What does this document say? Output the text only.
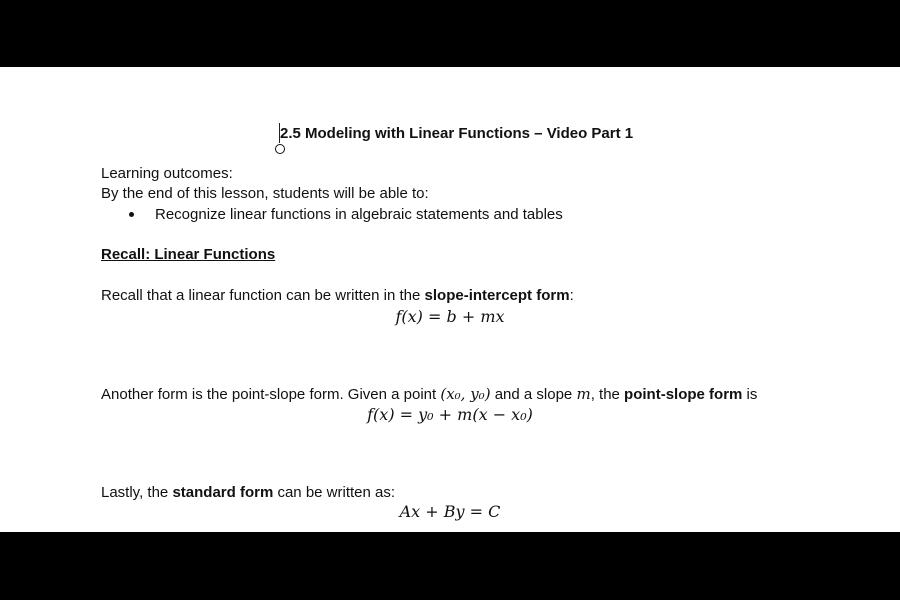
2.5 Modeling with Linear Functions – Video Part 1
Learning outcomes:
By the end of this lesson, students will be able to:
Recognize linear functions in algebraic statements and tables
Recall: Linear Functions
Recall that a linear function can be written in the slope-intercept form:
f(x) = b + mx
Another form is the point-slope form. Given a point (x₀, y₀) and a slope m, the point-slope form is
f(x) = y₀ + m(x − x₀)
Lastly, the standard form can be written as:
Ax + By = C
